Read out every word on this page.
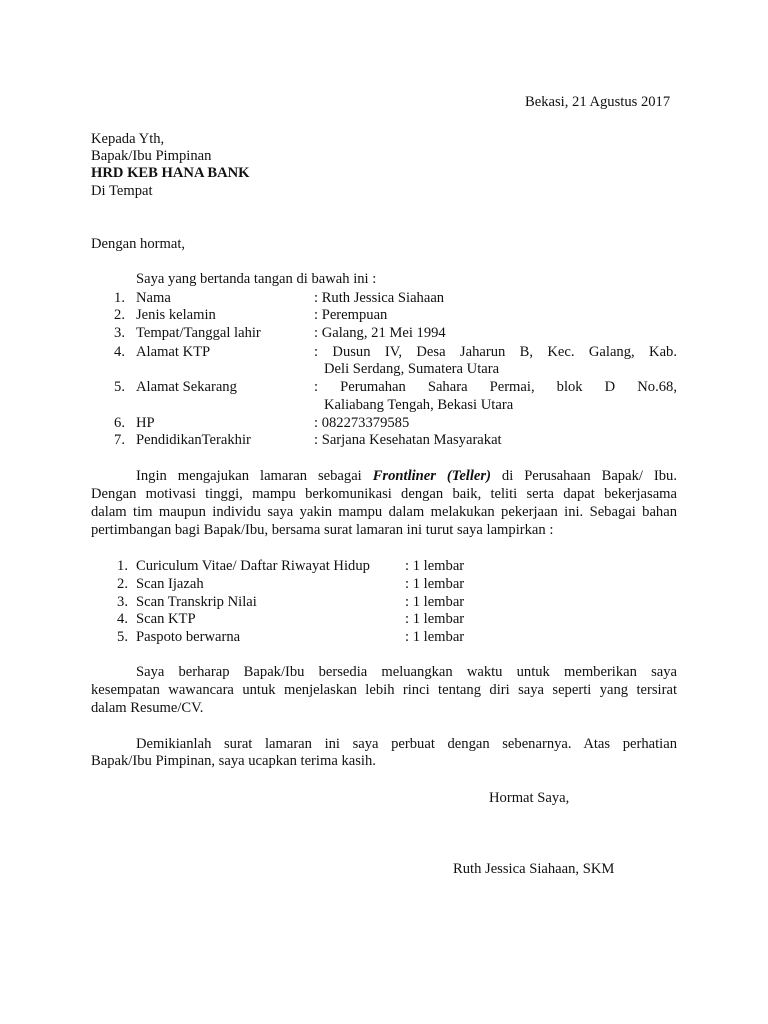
Bekasi, 21 Agustus 2017
Kepada Yth,
Bapak/Ibu Pimpinan
HRD KEB HANA BANK
Di Tempat
Dengan hormat,
Saya yang bertanda tangan di bawah ini :
1. Nama	: Ruth Jessica Siahaan
2. Jenis kelamin	: Perempuan
3. Tempat/Tanggal lahir	: Galang, 21 Mei 1994
4. Alamat KTP	: Dusun IV, Desa Jaharun B, Kec. Galang, Kab.
Deli Serdang, Sumatera Utara
5. Alamat Sekarang	: Perumahan Sahara Permai, blok D No.68,
Kaliabang Tengah, Bekasi Utara
6. HP	: 082273379585
7. PendidikanTerakhir	: Sarjana Kesehatan Masyarakat
Ingin mengajukan lamaran sebagai Frontliner (Teller) di Perusahaan Bapak/ Ibu.
Dengan motivasi tinggi, mampu berkomunikasi dengan baik, teliti serta dapat bekerjasama
dalam tim maupun individu saya yakin mampu dalam melakukan pekerjaan ini. Sebagai bahan
pertimbangan bagi Bapak/Ibu, bersama surat lamaran ini turut saya lampirkan :
1. Curiculum Vitae/ Daftar Riwayat Hidup : 1 lembar
2. Scan Ijazah	: 1 lembar
3. Scan Transkrip Nilai	: 1 lembar
4. Scan KTP	: 1 lembar
5. Paspoto berwarna	: 1 lembar
Saya berharap Bapak/Ibu bersedia meluangkan waktu untuk memberikan saya
kesempatan wawancara untuk menjelaskan lebih rinci tentang diri saya seperti yang tersirat
dalam Resume/CV.
Demikianlah surat lamaran ini saya perbuat dengan sebenarnya. Atas perhatian
Bapak/Ibu Pimpinan, saya ucapkan terima kasih.
Hormat Saya,
Ruth Jessica Siahaan, SKM
